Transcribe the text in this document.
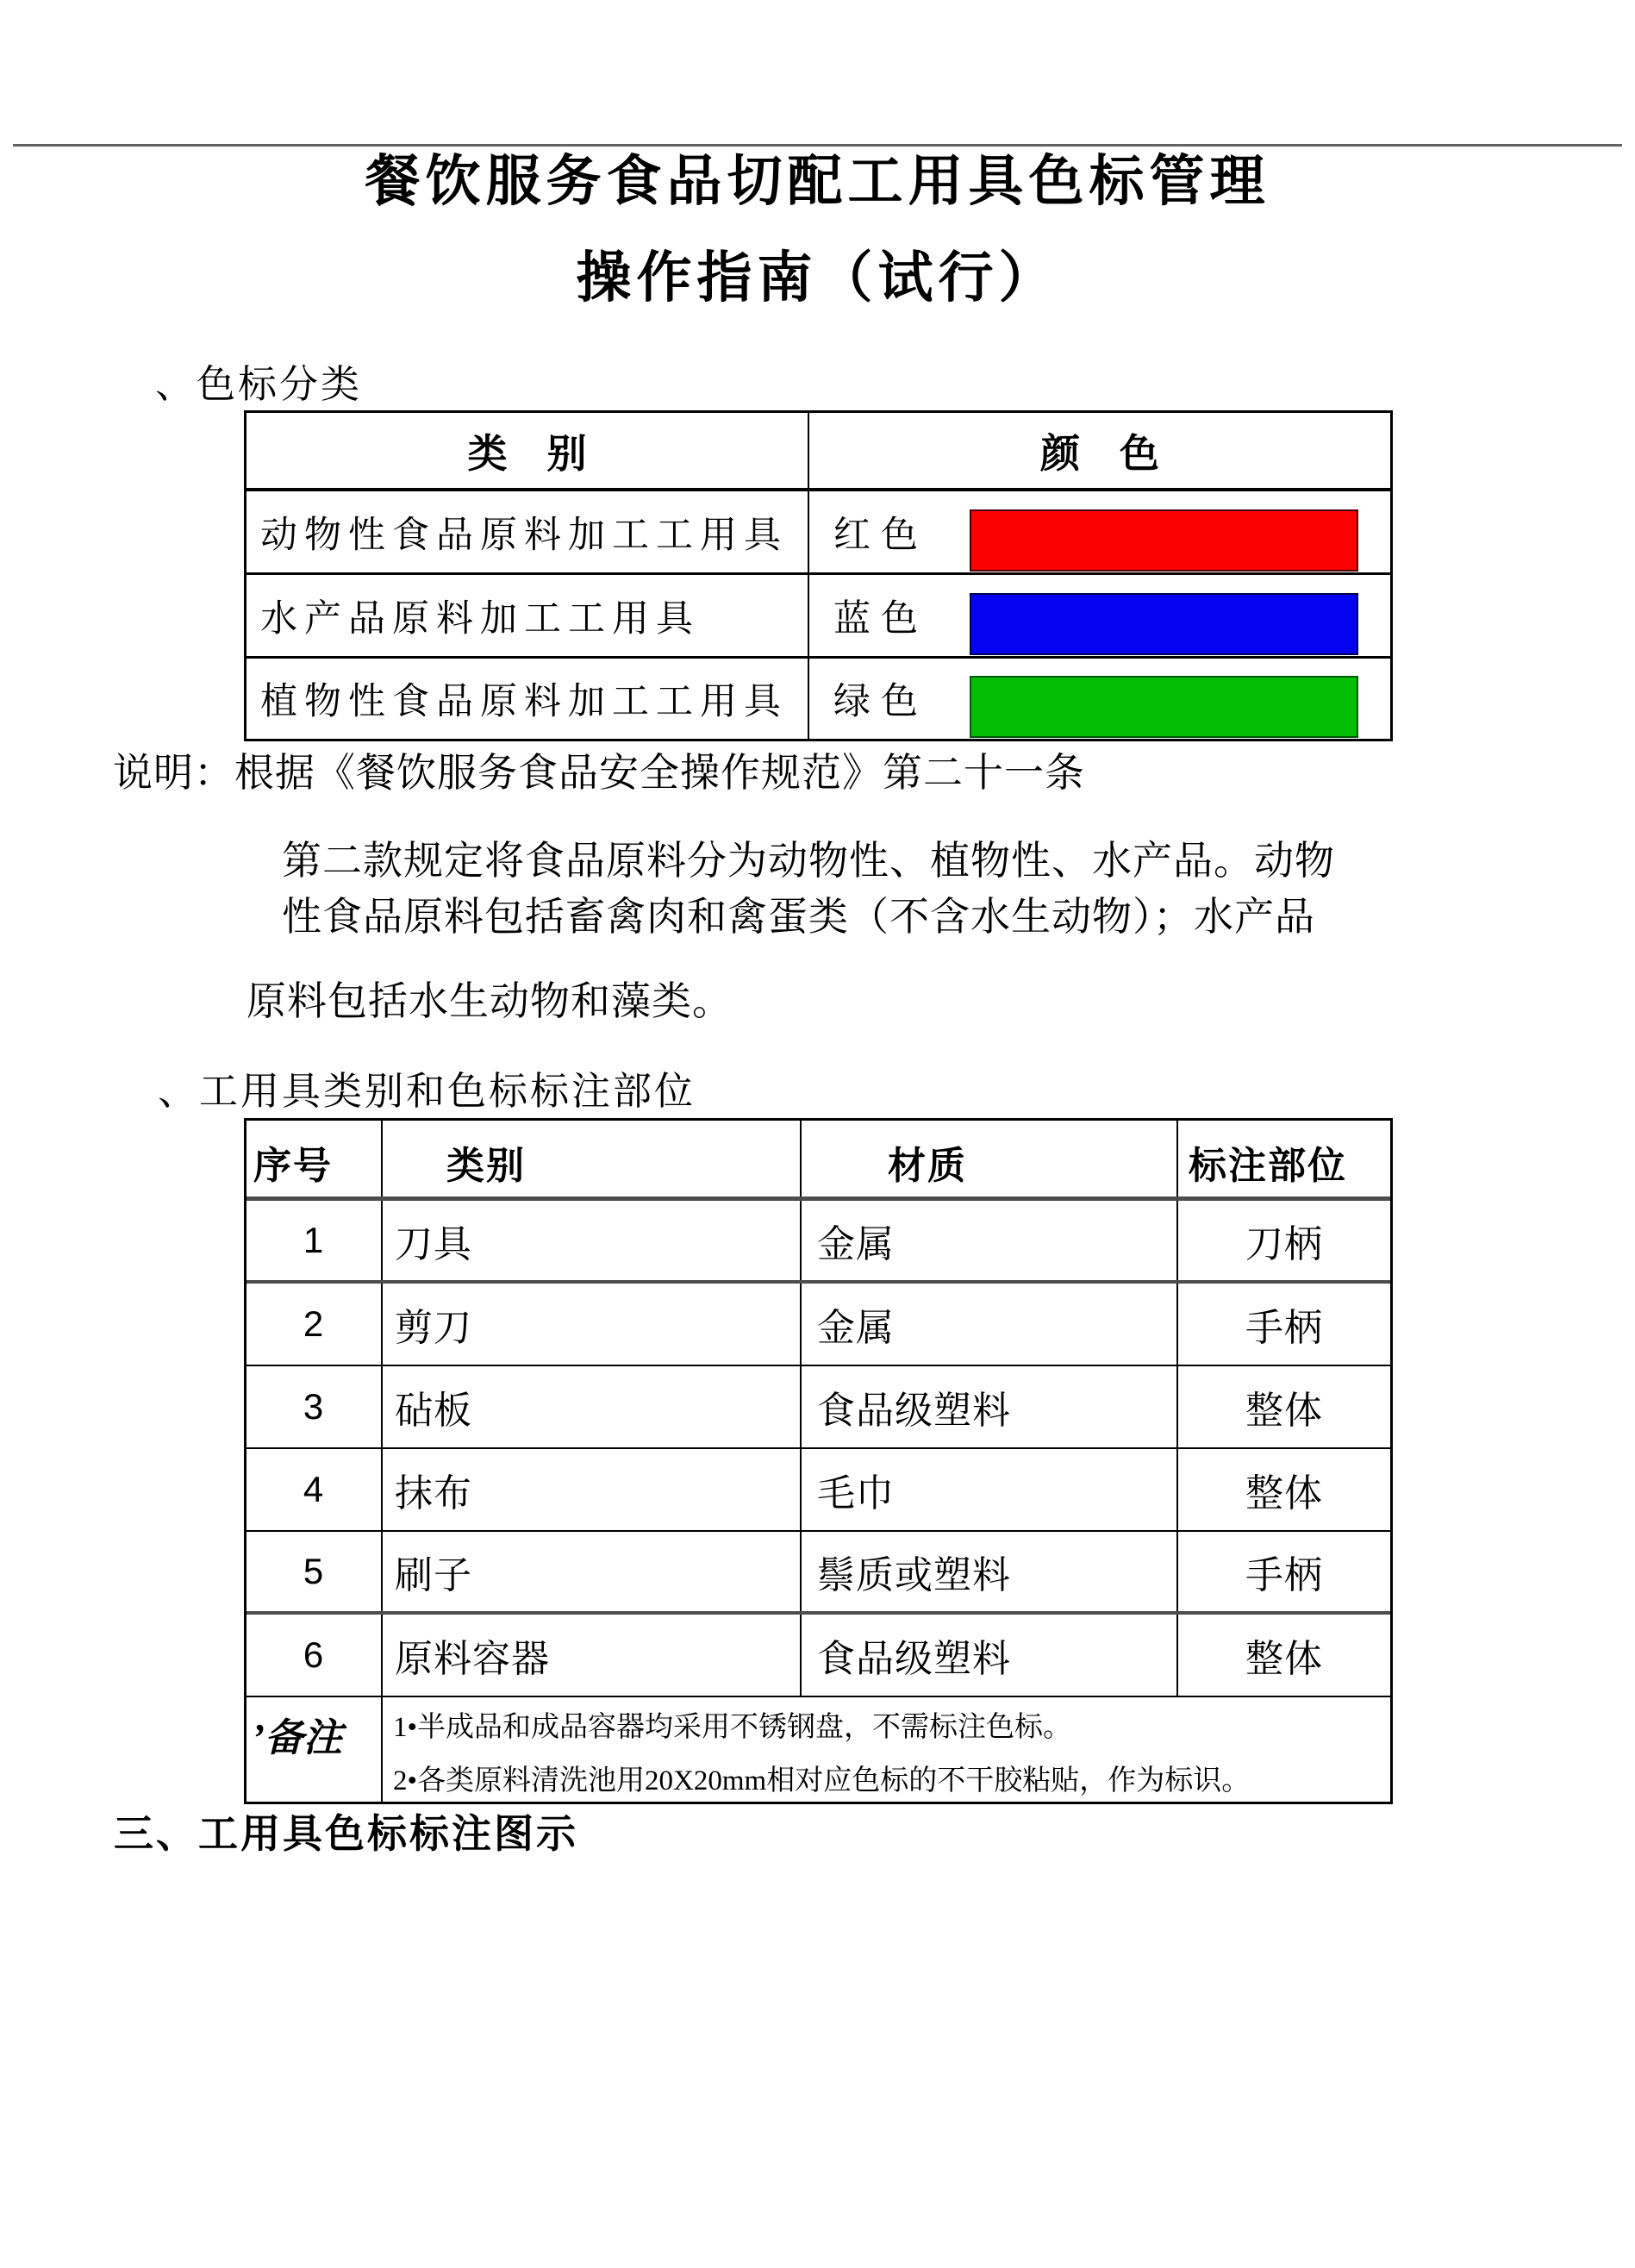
餐饮服务食品切配工用具色标管理
操作指南（试行）
、色标分类
类　别	颜　色
动物性食品原料加工工用具	红色
水产品原料加工工用具	蓝色
植物性食品原料加工工用具	绿色
说明：根据《餐饮服务食品安全操作规范》第二十一条
第二款规定将食品原料分为动物性、植物性、水产品。动物
性食品原料包括畜禽肉和禽蛋类（不含水生动物）；水产品
原料包括水生动物和藻类。
、工用具类别和色标标注部位
序号	类别	材质	标注部位
1	刀具	金属	刀柄
2	剪刀	金属	手柄
3	砧板	食品级塑料	整体
4	抹布	毛巾	整体
5	刷子	鬃质或塑料	手柄
6	原料容器	食品级塑料	整体
’备注	1•半成品和成品容器均采用不锈钢盘，不需标注色标。
2•各类原料清洗池用20X20mm相对应色标的不干胶粘贴，作为标识。
三、工用具色标标注图示
